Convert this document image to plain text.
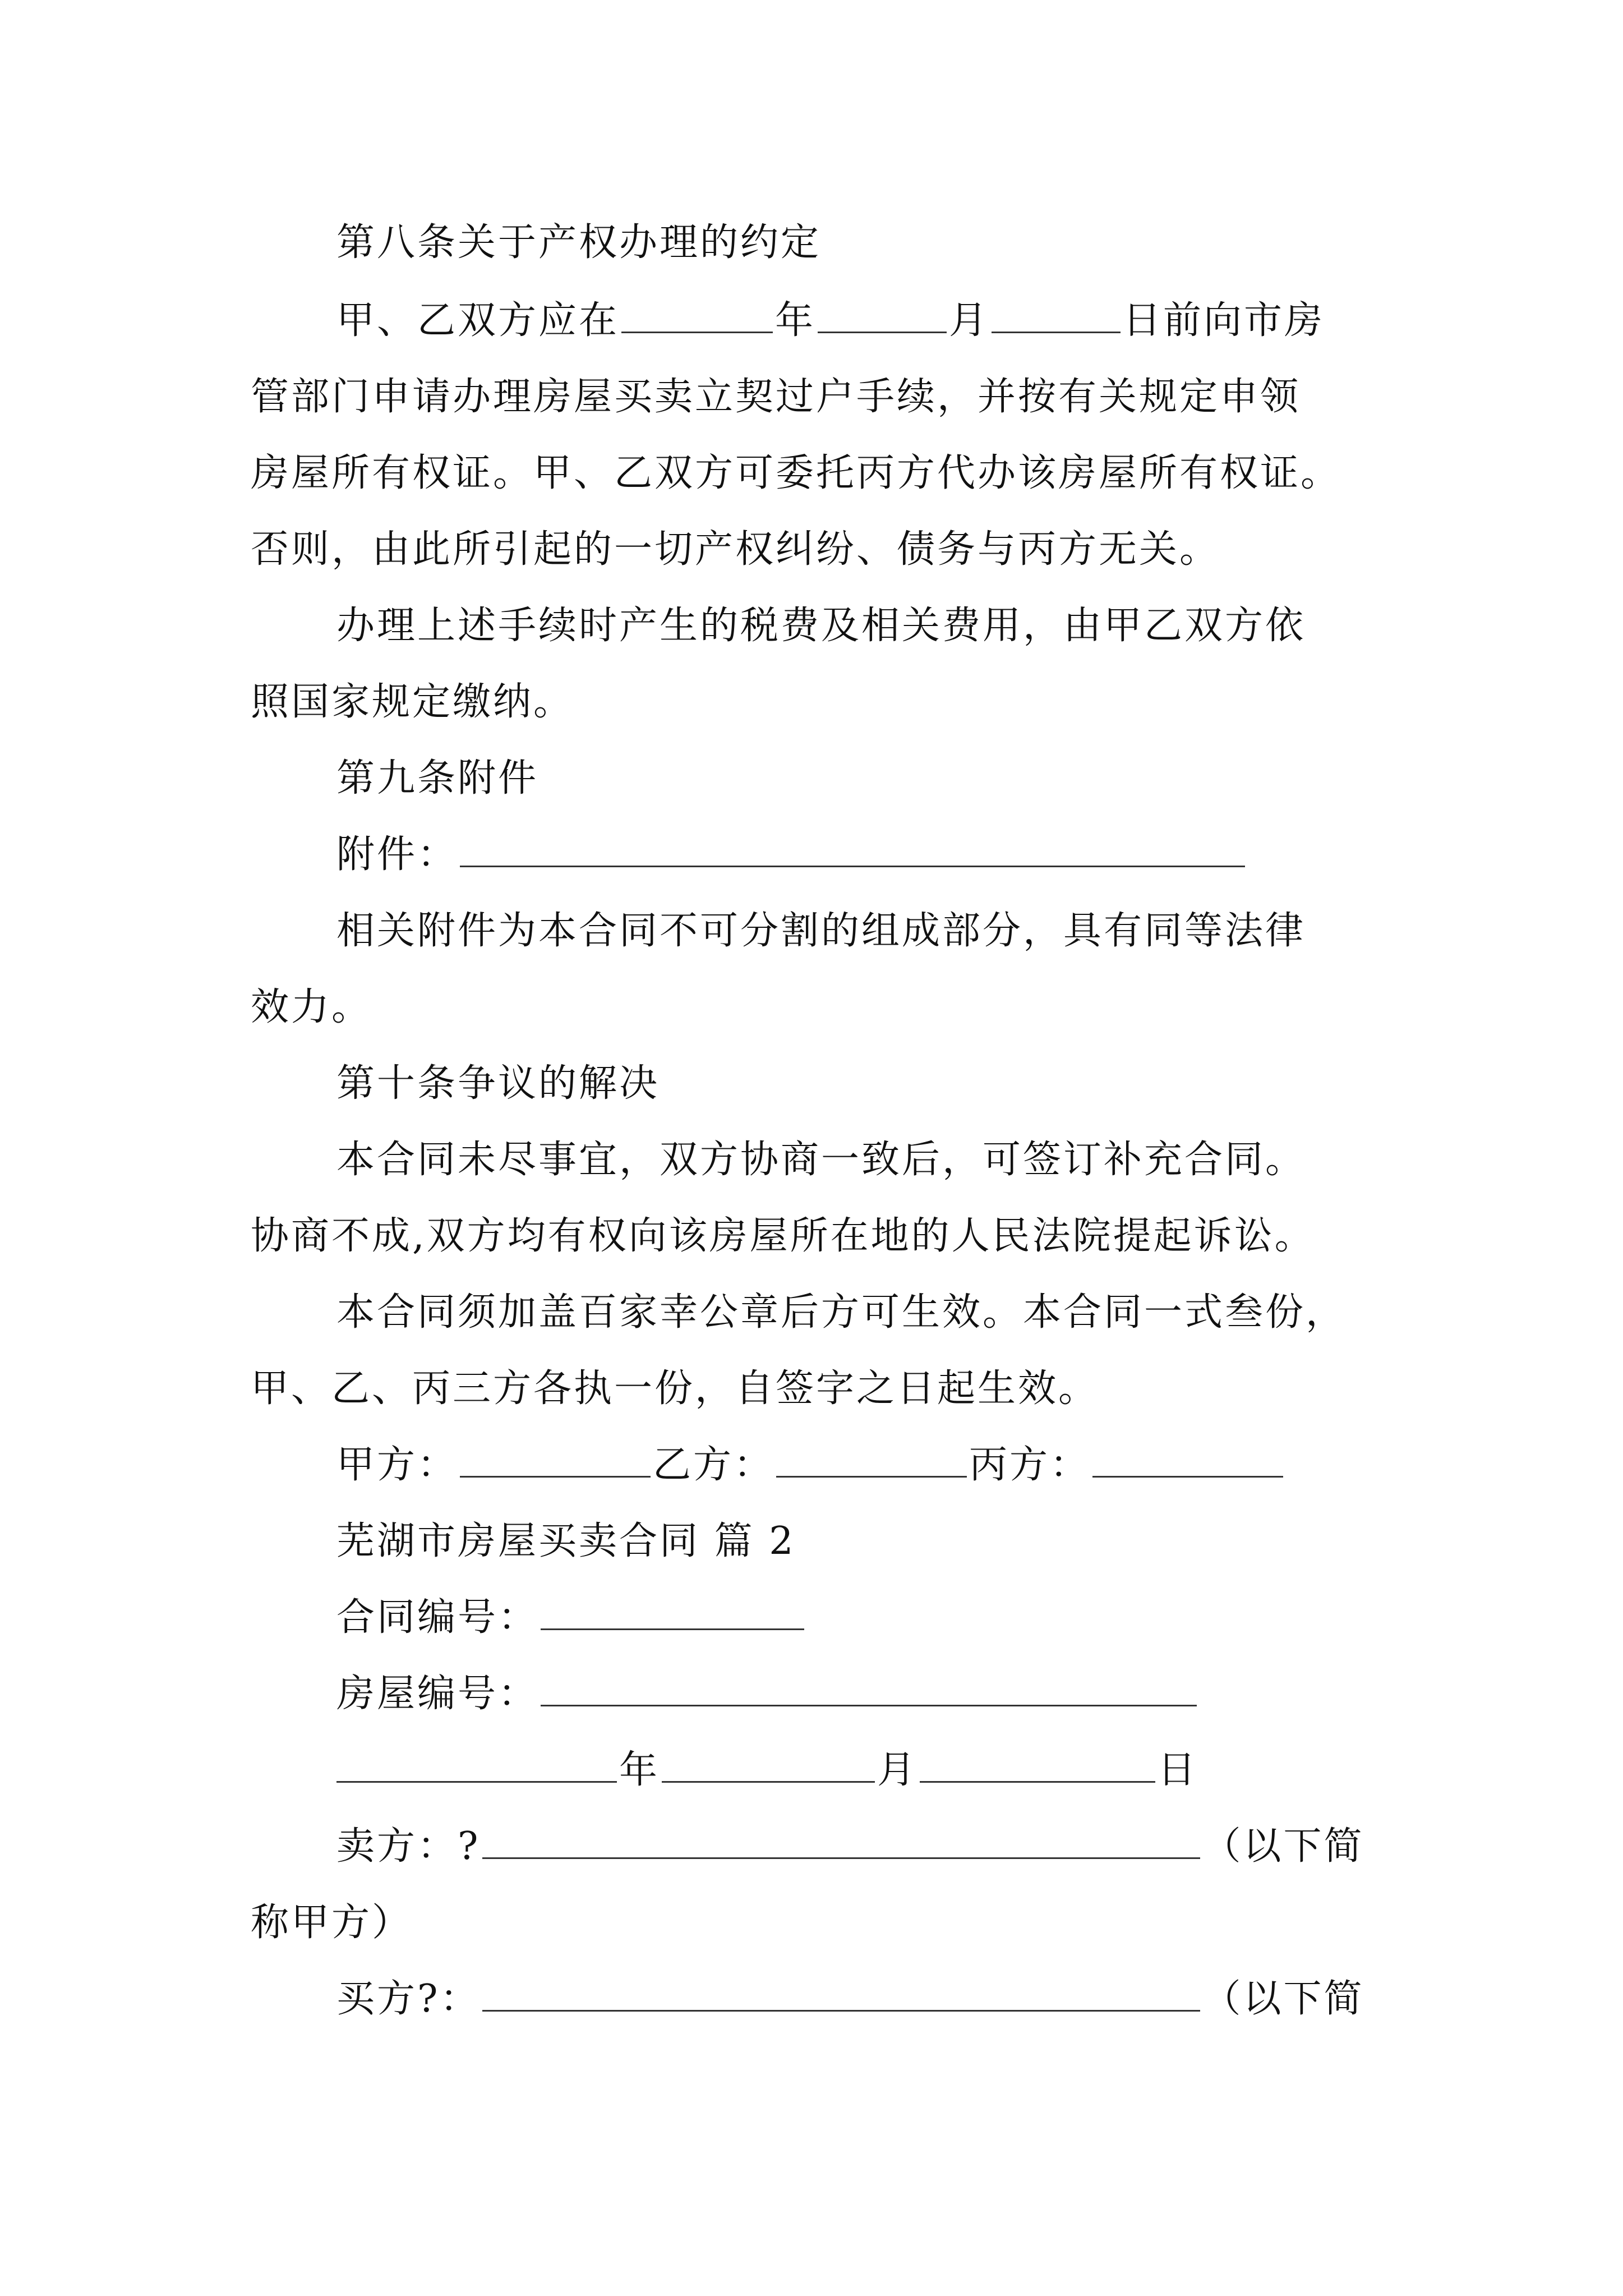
第八条关于产权办理的约定
甲、乙双方应在	年	月	日前向市房
管部门申请办理房屋买卖立契过户手续，并按有关规定申领
房屋所有权证。甲、乙双方可委托丙方代办该房屋所有权证。
否则，由此所引起的一切产权纠纷、债务与丙方无关。
办理上述手续时产生的税费及相关费用，由甲乙双方依
照国家规定缴纳。
第九条附件
附件：
相关附件为本合同不可分割的组成部分，具有同等法律
效力。
第十条争议的解决
本合同未尽事宜，双方协商一致后，可签订补充合同。
协商不成,双方均有权向该房屋所在地的人民法院提起诉讼。
本合同须加盖百家幸公章后方可生效。本合同一式叁份，
甲、乙、丙三方各执一份，自签字之日起生效。
甲方：	乙方：	丙方：
芜湖市房屋买卖合同 篇 2
合同编号：
房屋编号：
年	月	日
卖方：?	（以下简
称甲方）
买方?：	（以下简
